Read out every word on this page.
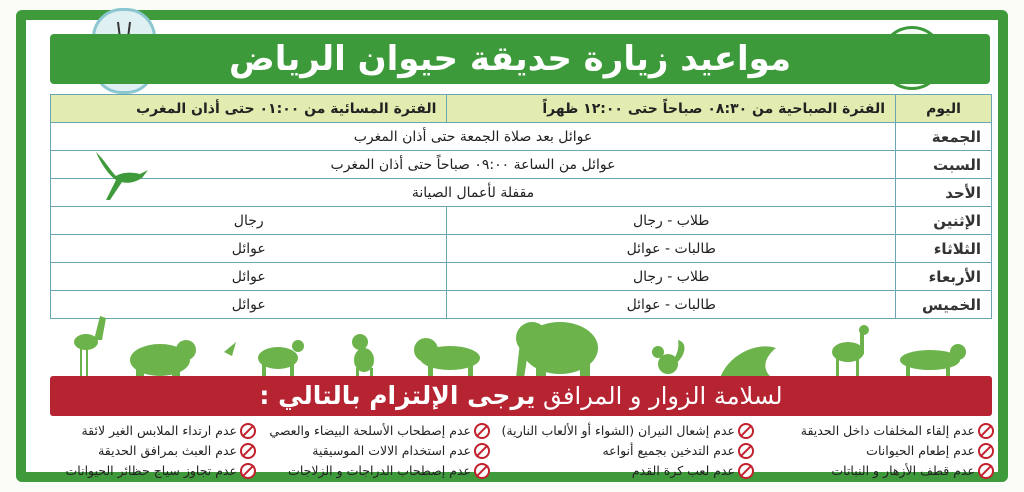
مواعيد زيارة حديقة حيوان الرياض
اليوم	الفترة الصباحية من ٠٨:٣٠ صباحاً حتى ١٢:٠٠ ظهراً	الفترة المسائية من ٠١:٠٠ حتى أذان المغرب
الجمعة	عوائل بعد صلاة الجمعة حتى أذان المغرب	
السبت	عوائل من الساعة ٠٩:٠٠ صباحاً حتى أذان المغرب	
الأحد	مقفلة لأعمال الصيانة	
الإثنين	طلاب - رجال	رجال
الثلاثاء	طالبات - عوائل	عوائل
الأربعاء	طلاب - رجال	عوائل
الخميس	طالبات - عوائل	عوائل
لسلامة الزوار و المرافق يرجى الإلتزام بالتالي :
عدم إلقاء المخلفات داخل الحديقة
عدم إشعال النيران (الشواء أو الألعاب النارية)
عدم إصطحاب الأسلحة البيضاء والعصي
عدم ارتداء الملابس الغير لائقة
عدم إطعام الحيوانات
عدم التدخين بجميع أنواعه
عدم استخدام الالات الموسيقية
عدم العبث بمرافق الحديقة
عدم قطف الأزهار و النباتات
عدم لعب كرة القدم
عدم إصطحاب الدراجات و الزلاجات
عدم تجاوز سياج حظائر الحيوانات
